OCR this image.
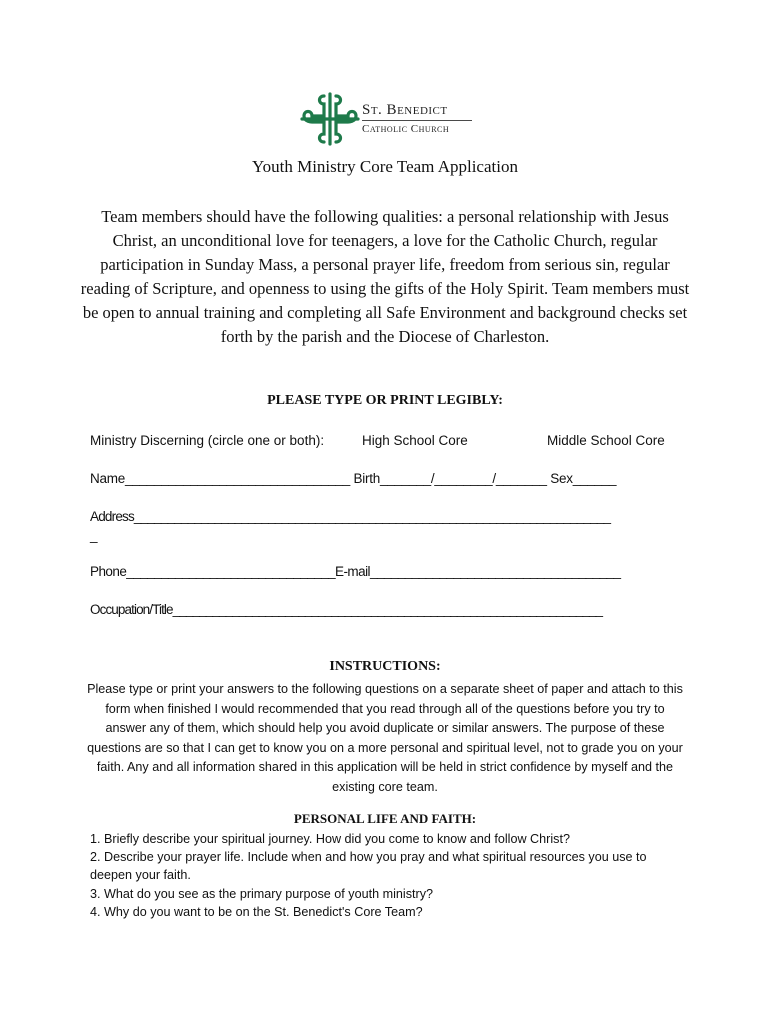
St. Benedict
Catholic Church
Youth Ministry Core Team Application
Team members should have the following qualities: a personal relationship with Jesus Christ, an unconditional love for teenagers, a love for the Catholic Church, regular participation in Sunday Mass, a personal prayer life, freedom from serious sin, regular reading of Scripture, and openness to using the gifts of the Holy Spirit. Team members must be open to annual training and completing all Safe Environment and background checks set forth by the parish and the Diocese of Charleston.
PLEASE TYPE OR PRINT LEGIBLY:
Ministry Discerning (circle one or both):	High School Core	Middle School Core
Name_______________________________ Birth_______/________/_______ Sex______
Address_______________________________________________________________________
_
Phone______________________________E-mail____________________________________
Occupation/Title_________________________________________________________________
INSTRUCTIONS:
Please type or print your answers to the following questions on a separate sheet of paper and attach to this form when finished I would recommended that you read through all of the questions before you try to answer any of them, which should help you avoid duplicate or similar answers. The purpose of these questions are so that I can get to know you on a more personal and spiritual level, not to grade you on your faith. Any and all information shared in this application will be held in strict confidence by myself and the existing core team.
PERSONAL LIFE AND FAITH:
1. Briefly describe your spiritual journey. How did you come to know and follow Christ?
2. Describe your prayer life. Include when and how you pray and what spiritual resources you use to deepen your faith.
3. What do you see as the primary purpose of youth ministry?
4. Why do you want to be on the St. Benedict's Core Team?
